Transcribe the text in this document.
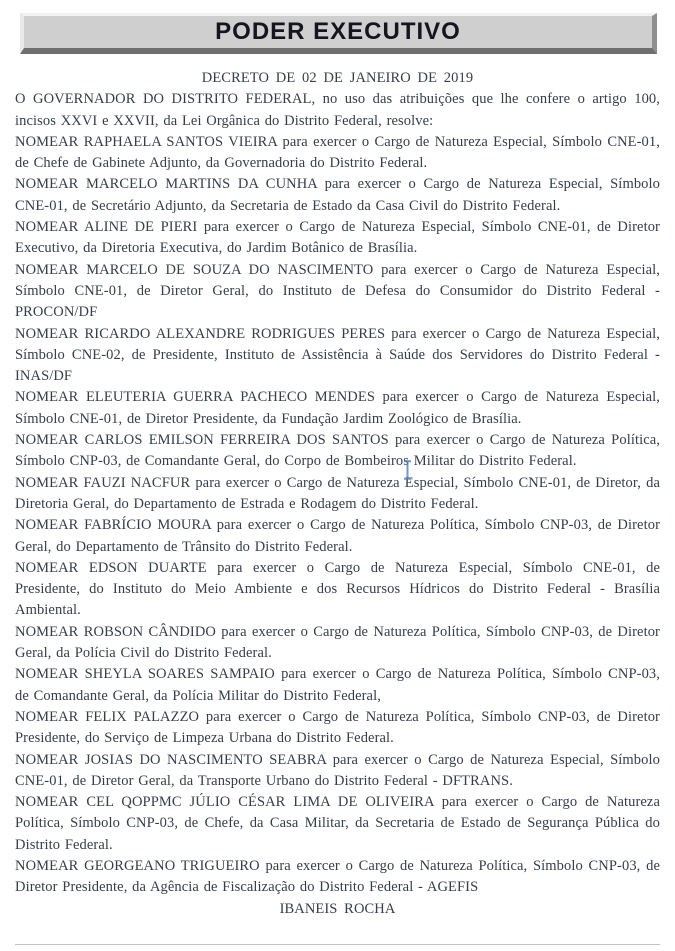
PODER EXECUTIVO

DECRETO DE 02 DE JANEIRO DE 2019

O GOVERNADOR DO DISTRITO FEDERAL, no uso das atribuições que lhe confere o artigo 100, incisos XXVI e XXVII, da Lei Orgânica do Distrito Federal, resolve:

NOMEAR RAPHAELA SANTOS VIEIRA para exercer o Cargo de Natureza Especial, Símbolo CNE-01, de Chefe de Gabinete Adjunto, da Governadoria do Distrito Federal.

NOMEAR MARCELO MARTINS DA CUNHA para exercer o Cargo de Natureza Especial, Símbolo CNE-01, de Secretário Adjunto, da Secretaria de Estado da Casa Civil do Distrito Federal.

NOMEAR ALINE DE PIERI para exercer o Cargo de Natureza Especial, Símbolo CNE-01, de Diretor Executivo, da Diretoria Executiva, do Jardim Botânico de Brasília.

NOMEAR MARCELO DE SOUZA DO NASCIMENTO para exercer o Cargo de Natureza Especial, Símbolo CNE-01, de Diretor Geral, do Instituto de Defesa do Consumidor do Distrito Federal - PROCON/DF

NOMEAR RICARDO ALEXANDRE RODRIGUES PERES para exercer o Cargo de Natureza Especial, Símbolo CNE-02, de Presidente, Instituto de Assistência à Saúde dos Servidores do Distrito Federal - INAS/DF

NOMEAR ELEUTERIA GUERRA PACHECO MENDES para exercer o Cargo de Natureza Especial, Símbolo CNE-01, de Diretor Presidente, da Fundação Jardim Zoológico de Brasília.

NOMEAR CARLOS EMILSON FERREIRA DOS SANTOS para exercer o Cargo de Natureza Política, Símbolo CNP-03, de Comandante Geral, do Corpo de Bombeiros Militar do Distrito Federal.

NOMEAR FAUZI NACFUR para exercer o Cargo de Natureza Especial, Símbolo CNE-01, de Diretor, da Diretoria Geral, do Departamento de Estrada e Rodagem do Distrito Federal.

NOMEAR FABRÍCIO MOURA para exercer o Cargo de Natureza Política, Símbolo CNP-03, de Diretor Geral, do Departamento de Trânsito do Distrito Federal.

NOMEAR EDSON DUARTE para exercer o Cargo de Natureza Especial, Símbolo CNE-01, de Presidente, do Instituto do Meio Ambiente e dos Recursos Hídricos do Distrito Federal - Brasília Ambiental.

NOMEAR ROBSON CÂNDIDO para exercer o Cargo de Natureza Política, Símbolo CNP-03, de Diretor Geral, da Polícia Civil do Distrito Federal.

NOMEAR SHEYLA SOARES SAMPAIO para exercer o Cargo de Natureza Política, Símbolo CNP-03, de Comandante Geral, da Polícia Militar do Distrito Federal,

NOMEAR FELIX PALAZZO para exercer o Cargo de Natureza Política, Símbolo CNP-03, de Diretor Presidente, do Serviço de Limpeza Urbana do Distrito Federal.

NOMEAR JOSIAS DO NASCIMENTO SEABRA para exercer o Cargo de Natureza Especial, Símbolo CNE-01, de Diretor Geral, da Transporte Urbano do Distrito Federal - DFTRANS.

NOMEAR CEL QOPPMC JÚLIO CÉSAR LIMA DE OLIVEIRA para exercer o Cargo de Natureza Política, Símbolo CNP-03, de Chefe, da Casa Militar, da Secretaria de Estado de Segurança Pública do Distrito Federal.

NOMEAR GEORGEANO TRIGUEIRO para exercer o Cargo de Natureza Política, Símbolo CNP-03, de Diretor Presidente, da Agência de Fiscalização do Distrito Federal - AGEFIS

IBANEIS ROCHA
